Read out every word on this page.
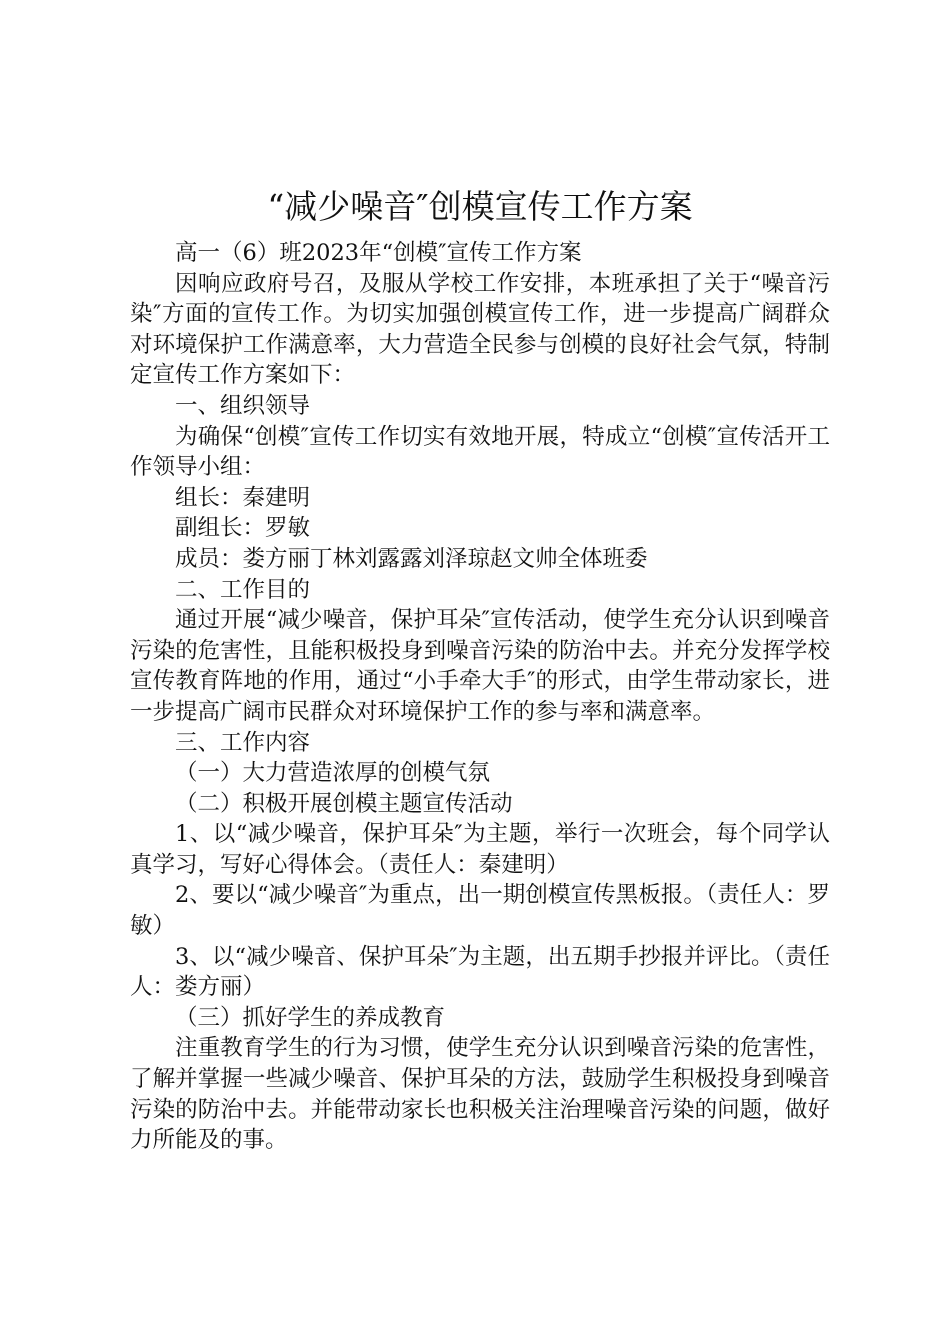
“减少噪音″创模宣传工作方案

高一（6）班2023年“创模″宣传工作方案

因响应政府号召，及服从学校工作安排，本班承担了关于“噪音污染″方面的宣传工作。为切实加强创模宣传工作，进一步提高广阔群众对环境保护工作满意率，大力营造全民参与创模的良好社会气氛，特制定宣传工作方案如下：

一、组织领导

为确保“创模″宣传工作切实有效地开展，特成立“创模″宣传活开工作领导小组：

组长：秦建明

副组长：罗敏

成员：娄方丽丁林刘露露刘泽琼赵文帅全体班委

二、工作目的

通过开展“减少噪音，保护耳朵″宣传活动，使学生充分认识到噪音污染的危害性，且能积极投身到噪音污染的防治中去。并充分发挥学校宣传教育阵地的作用，通过“小手牵大手″的形式，由学生带动家长，进一步提高广阔市民群众对环境保护工作的参与率和满意率。

三、工作内容

（一）大力营造浓厚的创模气氛

（二）积极开展创模主题宣传活动

1、以“减少噪音，保护耳朵″为主题，举行一次班会，每个同学认真学习，写好心得体会。（责任人：秦建明）

2、要以“减少噪音″为重点，出一期创模宣传黑板报。（责任人：罗敏）

3、以“减少噪音、保护耳朵″为主题，出五期手抄报并评比。（责任人：娄方丽）

（三）抓好学生的养成教育

注重教育学生的行为习惯，使学生充分认识到噪音污染的危害性，了解并掌握一些减少噪音、保护耳朵的方法，鼓励学生积极投身到噪音污染的防治中去。并能带动家长也积极关注治理噪音污染的问题，做好力所能及的事。
